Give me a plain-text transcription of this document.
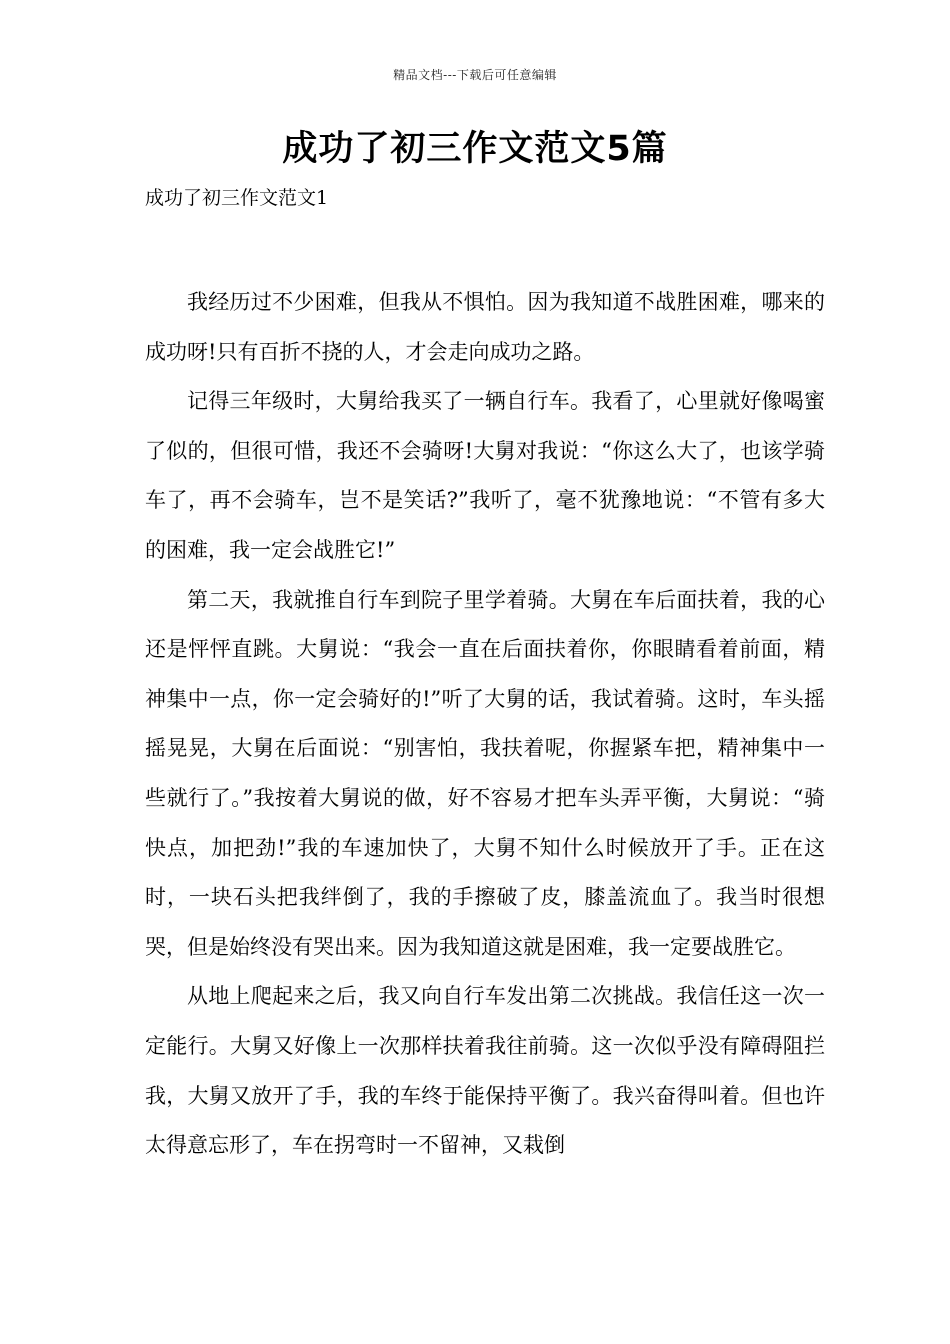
精品文档---下载后可任意编辑
成功了初三作文范文5篇
成功了初三作文范文1

我经历过不少困难，但我从不惧怕。因为我知道不战胜困难，哪来的成功呀!只有百折不挠的人，才会走向成功之路。

记得三年级时，大舅给我买了一辆自行车。我看了，心里就好像喝蜜了似的，但很可惜，我还不会骑呀!大舅对我说：“你这么大了，也该学骑车了，再不会骑车，岂不是笑话?”我听了，毫不犹豫地说：“不管有多大的困难，我一定会战胜它!”

第二天，我就推自行车到院子里学着骑。大舅在车后面扶着，我的心还是怦怦直跳。大舅说：“我会一直在后面扶着你，你眼睛看着前面，精神集中一点，你一定会骑好的!”听了大舅的话，我试着骑。这时，车头摇摇晃晃，大舅在后面说：“别害怕，我扶着呢，你握紧车把，精神集中一些就行了。”我按着大舅说的做，好不容易才把车头弄平衡，大舅说：“骑快点，加把劲!”我的车速加快了，大舅不知什么时候放开了手。正在这时，一块石头把我绊倒了，我的手擦破了皮，膝盖流血了。我当时很想哭，但是始终没有哭出来。因为我知道这就是困难，我一定要战胜它。

从地上爬起来之后，我又向自行车发出第二次挑战。我信任这一次一定能行。大舅又好像上一次那样扶着我往前骑。这一次似乎没有障碍阻拦我，大舅又放开了手，我的车终于能保持平衡了。我兴奋得叫着。但也许太得意忘形了，车在拐弯时一不留神，又栽倒
